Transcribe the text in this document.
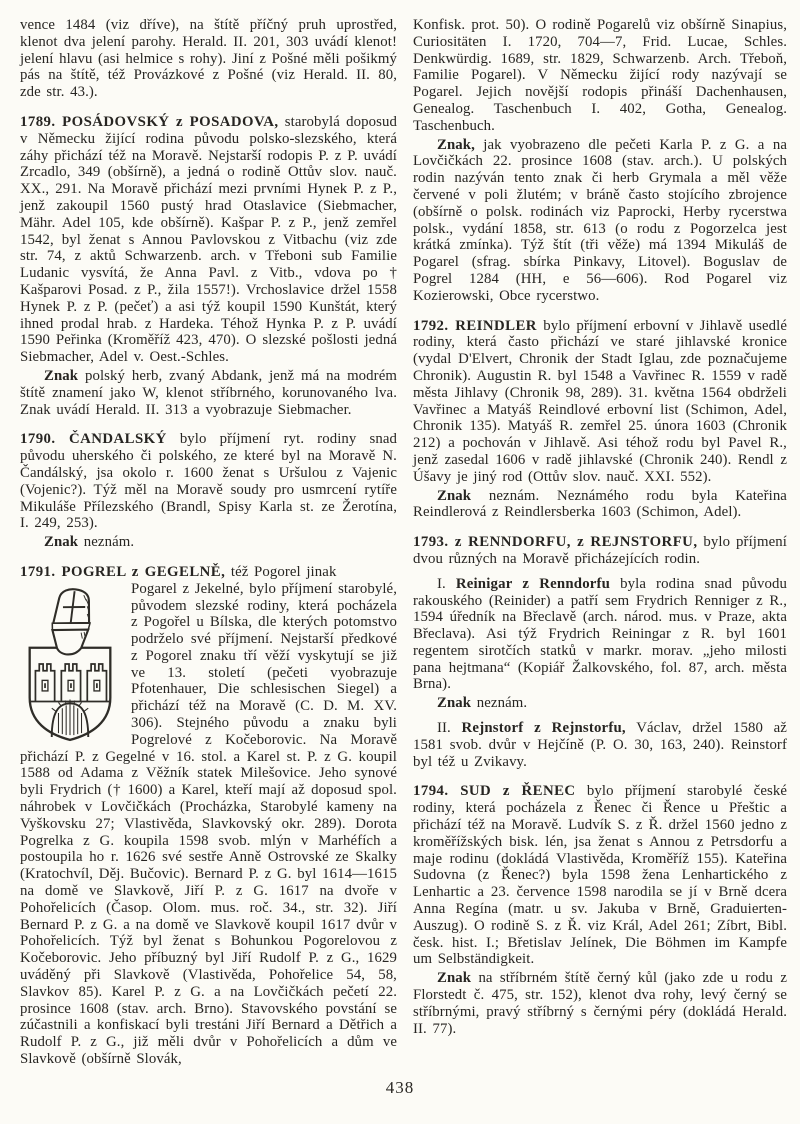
vence 1484 (viz dříve), na štítě příčný pruh uprostřed, klenot dva jelení parohy. Herald. II. 201, 303 uvádí klenot! jelení hlavu (asi helmice s rohy). Jiní z Pošné měli pošikmý pás na štítě, též Provázkové z Pošné (viz Herald. II. 80, zde str. 43.).

1789. POSÁDOVSKÝ z POSADOVA, starobylá doposud v Německu žijící rodina původu polsko-slezského, která záhy přichází též na Moravě. Nejstarší rodopis P. z P. uvádí Zrcadlo, 349 (obšírně), a jedná o rodině Ottův slov. nauč. XX., 291. Na Moravě přichází mezi prvními Hynek P. z P., jenž zakoupil 1560 pustý hrad Otaslavice (Siebmacher, Mähr. Adel 105, kde obšírně). Kašpar P. z P., jenž zemřel 1542, byl ženat s Annou Pavlovskou z Vitbachu (viz zde str. 74, z aktů Schwarzenb. arch. v Třeboni sub Familie Ludanic vysvítá, že Anna Pavl. z Vitb., vdova po † Kašparovi Posad. z P., žila 1557!). Vrchoslavice držel 1558 Hynek P. z P. (pečeť) a asi týž koupil 1590 Kunštát, který ihned prodal hrab. z Hardeka. Téhož Hynka P. z P. uvádí 1590 Peřinka (Kroměříž 423, 470). O slezské pošlosti jedná Siebmacher, Adel v. Oest.-Schles.

Znak polský herb, zvaný Abdank, jenž má na modrém štítě znamení jako W, klenot stříbrného, korunovaného lva. Znak uvádí Herald. II. 313 a vyobrazuje Siebmacher.

1790. ČANDALSKÝ bylo příjmení ryt. rodiny snad původu uherského či polského, ze které byl na Moravě N. Čandálský, jsa okolo r. 1600 ženat s Uršulou z Vajenic (Vojenic?). Týž měl na Moravě soudy pro usmrcení rytíře Mikuláše Přílezského (Brandl, Spisy Karla st. ze Žerotína, I. 249, 253).

Znak neznám.

1791. POGREL z GEGELNĚ, též Pogorel jinak

Pogarel z Jekelné, bylo příjmení starobylé, původem slezské rodiny, která pocházela z Pogořel u Bílska, dle kterých potomstvo podrželo své příjmení. Nejstarší předkové z Pogorel znaku tří věží vyskytují se již ve 13. století (pečeti vyobrazuje Pfotenhauer, Die schlesischen Siegel) a přichází též na Moravě (C. D. M. XV. 306). Stejného původu a znaku byli Pogrelové z Kočeborovic. Na Moravě přichází P. z Gegelné v 16. stol. a Karel st. P. z G. koupil 1588 od Adama z Věžník statek Milešovice. Jeho synové byli Frydrich († 1600) a Karel, kteří mají až doposud spol. náhrobek v Lovčičkách (Procházka, Starobylé kameny na Vyškovsku 27; Vlastivěda, Slavkovský okr. 289). Dorota Pogrelka z G. koupila 1598 svob. mlýn v Marhéfích a postoupila ho r. 1626 své sestře Anně Ostrovské ze Skalky (Kratochvíl, Děj. Bučovic). Bernard P. z G. byl 1614—1615 na domě ve Slavkově, Jiří P. z G. 1617 na dvoře v Pohořelicích (Časop. Olom. mus. roč. 34., str. 32). Jiří Bernard P. z G. a na domě ve Slavkově koupil 1617 dvůr v Pohořelicích. Týž byl ženat s Bohunkou Pogorelovou z Kočeborovic. Jeho příbuzný byl Jiří Rudolf P. z G., 1629 uváděný při Slavkově (Vlastivěda, Pohořelice 54, 58, Slavkov 85). Karel P. z G. a na Lovčičkách pečetí 22. prosince 1608 (stav. arch. Brno). Stavovského povstání se zúčastnili a konfiskací byli trestáni Jiří Bernard a Dětřich a Rudolf P. z G., již měli dvůr v Pohořelicích a dům ve Slavkově (obšírně Slovák,

Konfisk. prot. 50). O rodině Pogarelů viz obšírně Sinapius, Curiositäten I. 1720, 704—7, Frid. Lucae, Schles. Denkwürdig. 1689, str. 1829, Schwarzenb. Arch. Třeboň, Familie Pogarel). V Německu žijící rody nazývají se Pogarel. Jejich novější rodopis přináší Dachenhausen, Genealog. Taschenbuch I. 402, Gotha, Genealog. Taschenbuch.

Znak, jak vyobrazeno dle pečeti Karla P. z G. a na Lovčičkách 22. prosince 1608 (stav. arch.). U polských rodin nazýván tento znak či herb Grymala a měl věže červené v poli žlutém; v bráně často stojícího zbrojence (obšírně o polsk. rodinách viz Paprocki, Herby rycerstwa polsk., vydání 1858, str. 613 (o rodu z Pogorzelca jest krátká zmínka). Týž štít (tři věže) má 1394 Mikuláš de Pogarel (sfrag. sbírka Pinkavy, Litovel). Boguslav de Pogrel 1284 (HH, e 56—606). Rod Pogarel viz Kozierowski, Obce rycerstwo.

1792. REINDLER bylo příjmení erbovní v Jihlavě usedlé rodiny, která často přichází ve staré jihlavské kronice (vydal D'Elvert, Chronik der Stadt Iglau, zde poznačujeme Chronik). Augustin R. byl 1548 a Vavřinec R. 1559 v radě města Jihlavy (Chronik 98, 289). 31. května 1564 obdrželi Vavřinec a Matyáš Reindlové erbovní list (Schimon, Adel, Chronik 135). Matyáš R. zemřel 25. února 1603 (Chronik 212) a pochován v Jihlavě. Asi téhož rodu byl Pavel R., jenž zasedal 1606 v radě jihlavské (Chronik 240). Rendl z Úšavy je jiný rod (Ottův slov. nauč. XXI. 552).

Znak neznám. Neznámého rodu byla Kateřina Reindlerová z Reindlersberka 1603 (Schimon, Adel).

1793. z RENNDORFU, z REJNSTORFU, bylo příjmení dvou různých na Moravě přicházejících rodin.

I. Reinigar z Renndorfu byla rodina snad původu rakouského (Reinider) a patří sem Frydrich Renniger z R., 1594 úředník na Břeclavě (arch. národ. mus. v Praze, akta Břeclava). Asi týž Frydrich Reiningar z R. byl 1601 regentem sirotčích statků v markr. morav. „jeho milosti pana hejtmana“ (Kopiář Žalkovského, fol. 87, arch. města Brna).

Znak neznám.

II. Rejnstorf z Rejnstorfu, Václav, držel 1580 až 1581 svob. dvůr v Hejčíně (P. O. 30, 163, 240). Reinstorf byl též u Zvikavy.

1794. SUD z ŘENEC bylo příjmení starobylé české rodiny, která pocházela z Řenec či Řence u Přeštic a přichází též na Moravě. Ludvík S. z Ř. držel 1560 jedno z kroměřížských bisk. lén, jsa ženat s Annou z Petrsdorfu a maje rodinu (dokládá Vlastivěda, Kroměříž 155). Kateřina Sudovna (z Řenec?) byla 1598 žena Lenhartického z Lenhartic a 23. července 1598 narodila se jí v Brně dcera Anna Regína (matr. u sv. Jakuba v Brně, Graduierten-Auszug). O rodině S. z Ř. viz Král, Adel 261; Zíbrt, Bibl. česk. hist. I.; Břetislav Jelínek, Die Böhmen im Kampfe um Selbständigkeit.

Znak na stříbrném štítě černý kůl (jako zde u rodu z Florstedt č. 475, str. 152), klenot dva rohy, levý černý se stříbrnými, pravý stříbrný s černými péry (dokládá Herald. II. 77).

438
